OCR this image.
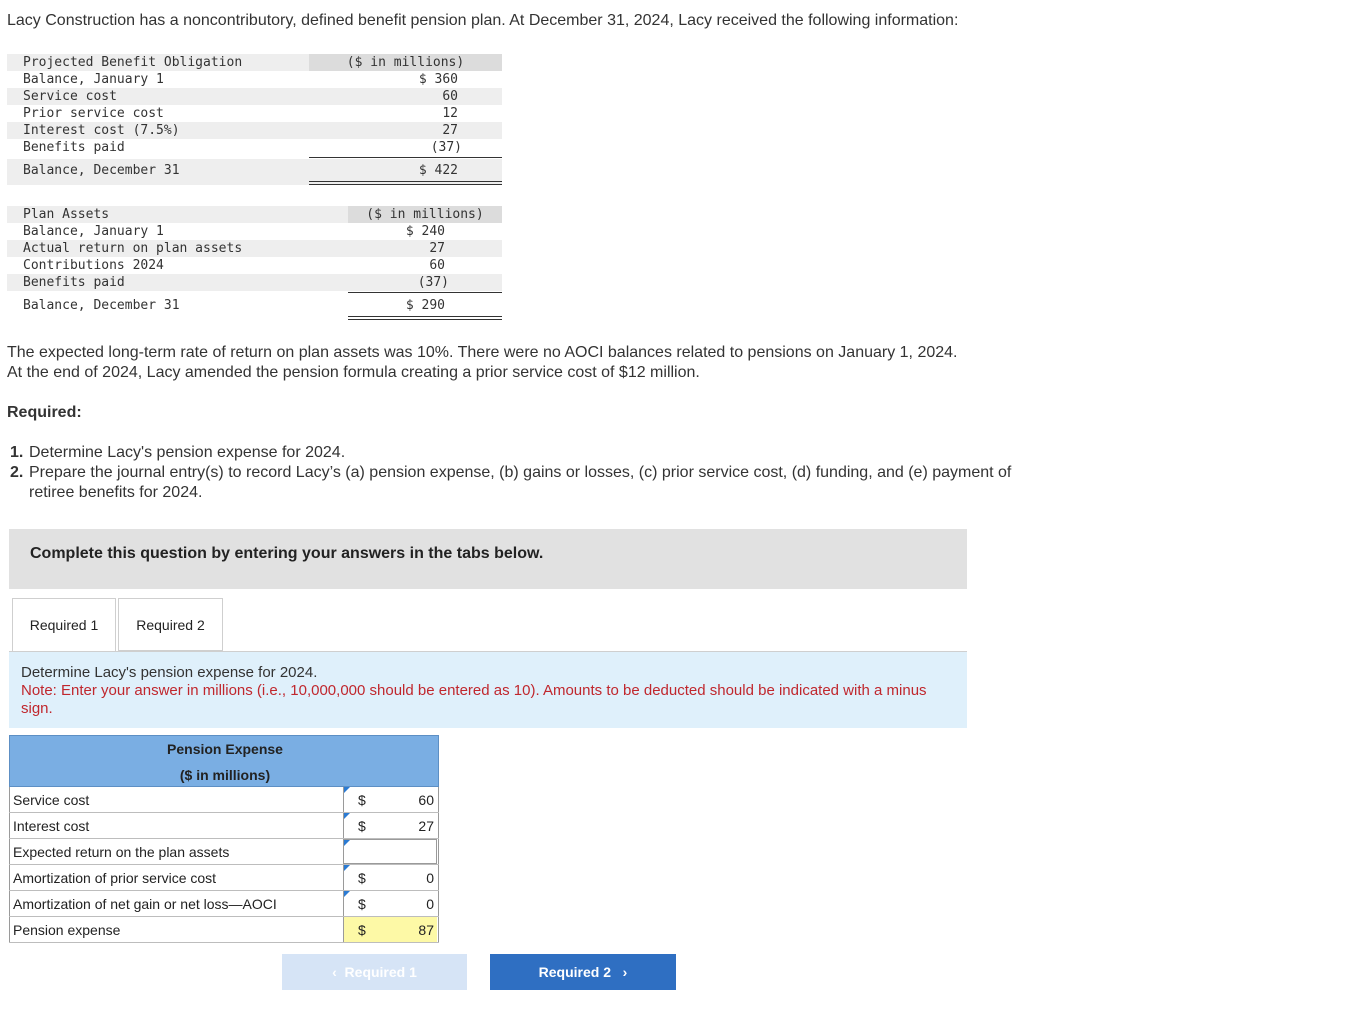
Lacy Construction has a noncontributory, defined benefit pension plan. At December 31, 2024, Lacy received the following information:
Projected Benefit Obligation	($ in millions)
Balance, January 1	$ 360
Service cost	60
Prior service cost	12
Interest cost (7.5%)	27
Benefits paid	(37)
Balance, December 31	$ 422
Plan Assets	($ in millions)
Balance, January 1	$ 240
Actual return on plan assets	27
Contributions 2024	60
Benefits paid	(37)
Balance, December 31	$ 290
The expected long-term rate of return on plan assets was 10%. There were no AOCI balances related to pensions on January 1, 2024.
At the end of 2024, Lacy amended the pension formula creating a prior service cost of $12 million.
Required:
1. Determine Lacy's pension expense for 2024.
2. Prepare the journal entry(s) to record Lacy’s (a) pension expense, (b) gains or losses, (c) prior service cost, (d) funding, and (e) payment of retiree benefits for 2024.
Complete this question by entering your answers in the tabs below.
Required 1	Required 2
Determine Lacy's pension expense for 2024.
Note: Enter your answer in millions (i.e., 10,000,000 should be entered as 10). Amounts to be deducted should be indicated with a minus sign.
Pension Expense
($ in millions)
Service cost	$	60
Interest cost	$	27
Expected return on the plan assets
Amortization of prior service cost	$	0
Amortization of net gain or net loss—AOCI	$	0
Pension expense	$	87
‹ Required 1	Required 2 ›
